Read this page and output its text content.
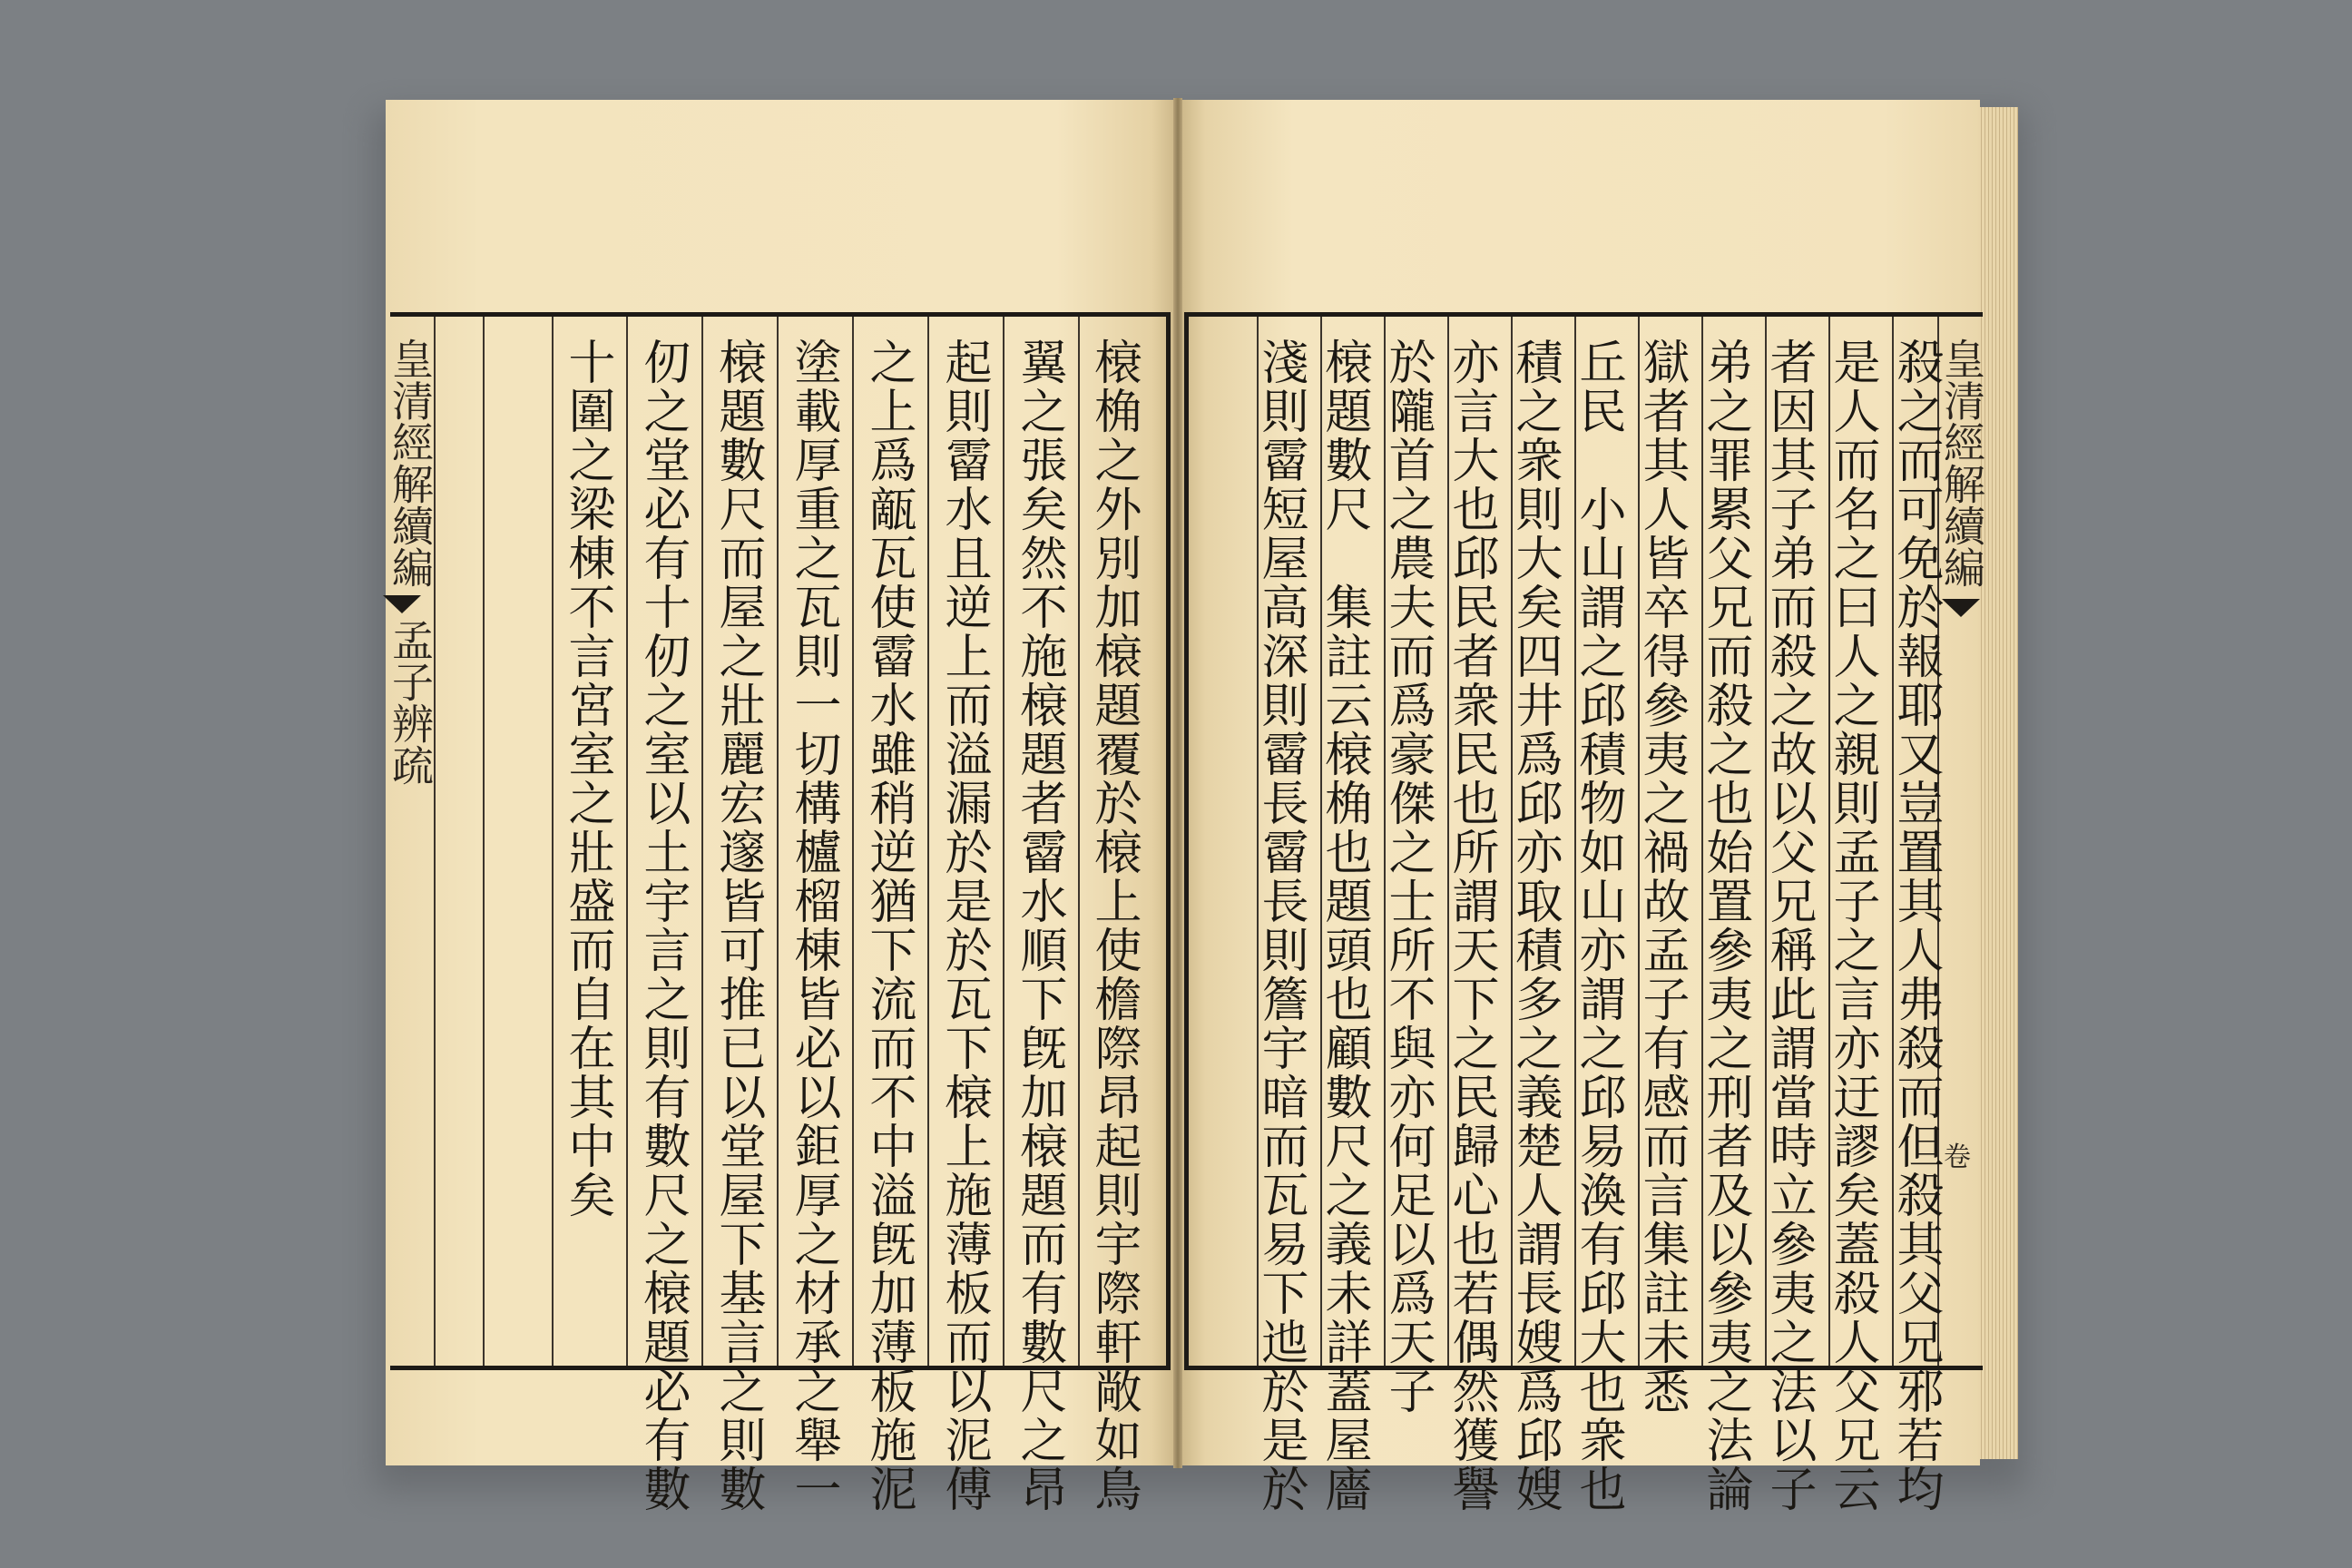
皇清經解續編
孟子辨疏	榱桷之外別加榱題覆於榱上使檐際昂起則宇際軒敞如鳥
翼之張矣然不施榱題者霤水順下旣加榱題而有數尺之昂
起則霤水且逆上而溢漏於是於瓦下榱上施薄板而以泥傅
之上爲甋瓦使霤水雖稍逆猶下流而不中溢旣加薄板施泥
塗載厚重之瓦則一切構櫨榴棟皆必以鉅厚之材承之舉一
榱題數尺而屋之壯麗宏邃皆可推已以堂屋下基言之則數
仞之堂必有十仞之室以土宇言之則有數尺之榱題必有數
十圍之梁棟不言宮室之壯盛而自在其中矣	皇清經解續編
卷
殺之而可免於報耶又豈置其人弗殺而但殺其父兄邪若均
是人而名之曰人之親則孟子之言亦迂謬矣蓋殺人父兄云
者因其子弟而殺之故以父兄稱此謂當時立參夷之法以子
弟之罪累父兄而殺之也始置參夷之刑者及以參夷之法論
獄者其人皆卒得參夷之禍故孟子有感而言集註未悉
丘民　小山謂之邱積物如山亦謂之邱易渙有邱大也衆也
積之衆則大矣四井爲邱亦取積多之義楚人謂長嫂爲邱嫂
亦言大也邱民者衆民也所謂天下之民歸心也若偶然獲譽
於隴首之農夫而爲豪傑之士所不與亦何足以爲天子
榱題數尺　集註云榱桷也題頭也顧數尺之義未詳蓋屋廧
淺則霤短屋高深則霤長霤長則簷宇暗而瓦易下迆於是於
